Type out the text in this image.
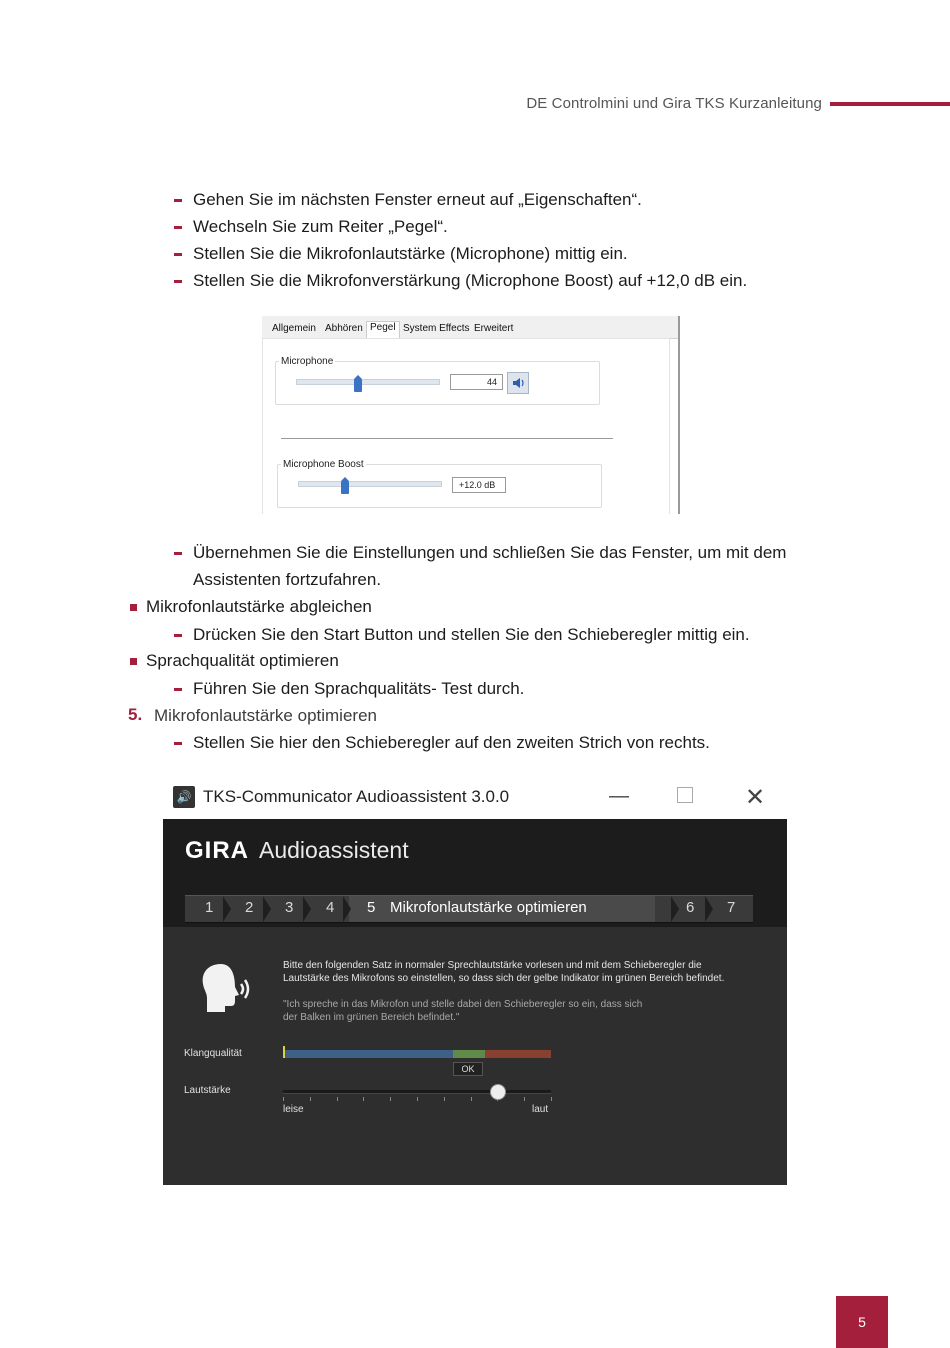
DE Controlmini und Gira TKS Kurzanleitung
Gehen Sie im nächsten Fenster erneut auf „Eigenschaften“.
Wechseln Sie zum Reiter „Pegel“.
Stellen Sie die Mikrofonlautstärke (Microphone) mittig ein.
Stellen Sie die Mikrofonverstärkung (Microphone Boost) auf +12,0 dB ein.
Allgemein Abhören Pegel System Effects Erweitert
Microphone
44
Microphone Boost
+12.0 dB
Übernehmen Sie die Einstellungen und schließen Sie das Fenster, um mit dem
Assistenten fortzufahren.
Mikrofonlautstärke abgleichen
Drücken Sie den Start Button und stellen Sie den Schieberegler mittig ein.
Sprachqualität optimieren
Führen Sie den Sprachqualitäts- Test durch.
5. Mikrofonlautstärke optimieren
Stellen Sie hier den Schieberegler auf den zweiten Strich von rechts.
🔊 TKS-Communicator Audioassistent 3.0.0	—	✕
GIRA Audioassistent
1 2 3 4 5 Mikrofonlautstärke optimieren	6 7
Bitte den folgenden Satz in normaler Sprechlautstärke vorlesen und mit dem Schieberegler die
Lautstärke des Mikrofons so einstellen, so dass sich der gelbe Indikator im grünen Bereich befindet.
"Ich spreche in das Mikrofon und stelle dabei den Schieberegler so ein, dass sich
der Balken im grünen Bereich befindet."
Klangqualität
OK
Lautstärke
leise	laut
5
